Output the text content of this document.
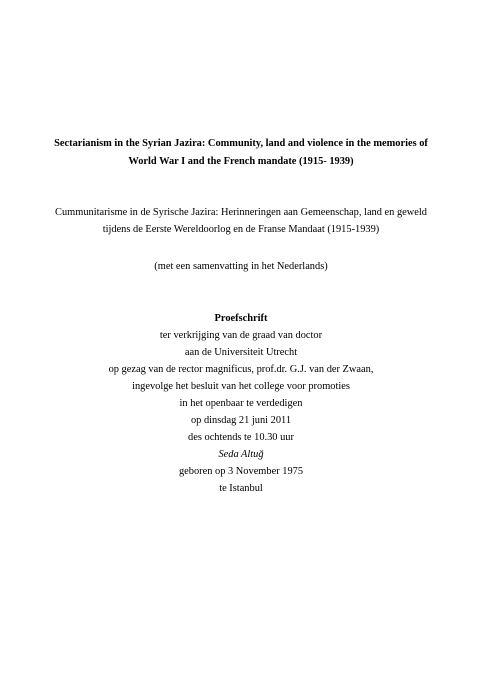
Sectarianism in the Syrian Jazira: Community, land and violence in the memories of
World War I and the French mandate (1915- 1939)
Cummunitarisme in de Syrische Jazira: Herinneringen aan Gemeenschap, land en geweld
tijdens de Eerste Wereldoorlog en de Franse Mandaat (1915-1939)
(met een samenvatting in het Nederlands)
Proefschrift
ter verkrijging van de graad van doctor
aan de Universiteit Utrecht
op gezag van de rector magnificus, prof.dr. G.J. van der Zwaan,
ingevolge het besluit van het college voor promoties
in het openbaar te verdedigen
op dinsdag 21 juni 2011
des ochtends te 10.30 uur
Seda Altuğ
geboren op 3 November 1975
te Istanbul
